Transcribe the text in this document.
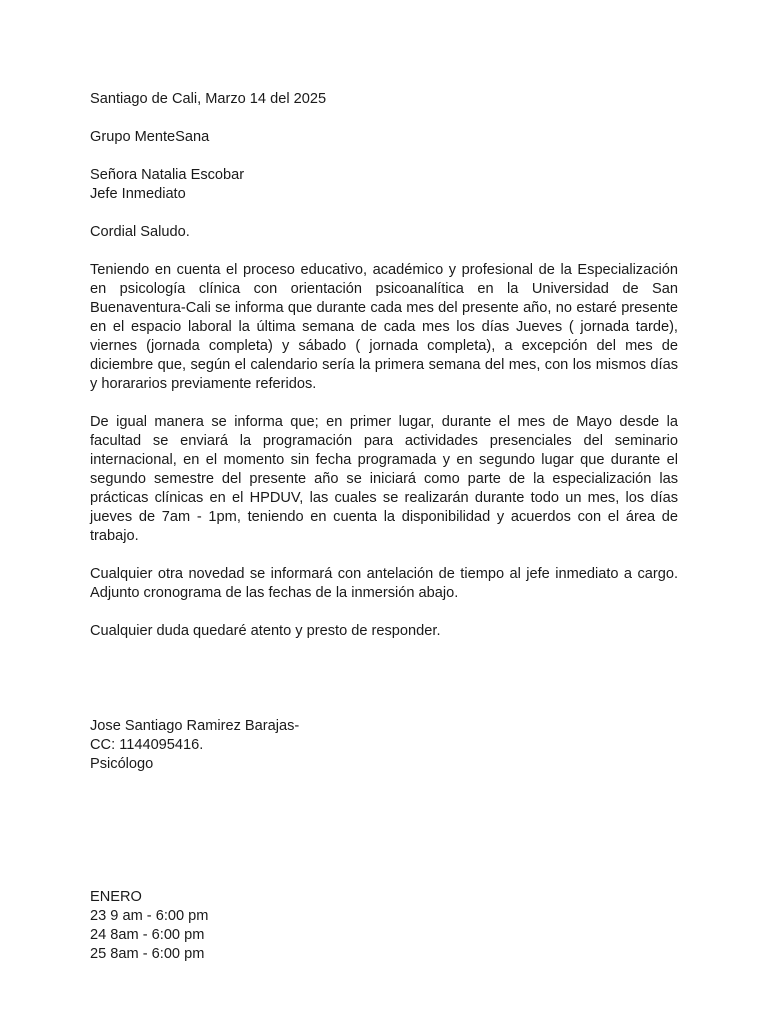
Santiago de Cali, Marzo 14 del 2025
Grupo MenteSana
Señora Natalia Escobar
Jefe Inmediato
Cordial Saludo.

Teniendo en cuenta el proceso educativo, académico y profesional de la Especialización en psicología clínica con orientación psicoanalítica en la Universidad de San Buenaventura-Cali se informa que durante cada mes del presente año, no estaré presente en el espacio laboral la última semana de cada mes los días Jueves ( jornada tarde), viernes (jornada completa) y sábado ( jornada completa), a excepción del mes de diciembre que, según el calendario sería la primera semana del mes, con los mismos días y horararios previamente referidos.

De igual manera se informa que; en primer lugar, durante el mes de Mayo desde la facultad se enviará la programación para actividades presenciales del seminario internacional, en el momento sin fecha programada y en segundo lugar que durante el segundo semestre del presente año se iniciará como parte de la especialización las prácticas clínicas en el HPDUV, las cuales se realizarán durante todo un mes, los días jueves de 7am - 1pm, teniendo en cuenta la disponibilidad y acuerdos con el área de trabajo.

Cualquier otra novedad se informará con antelación de tiempo al jefe inmediato a cargo. Adjunto cronograma de las fechas de la inmersión abajo.

Cualquier duda quedaré atento y presto de responder.
Jose Santiago Ramirez Barajas-
CC: 1144095416.
Psicólogo
ENERO
23 9 am - 6:00 pm
24 8am - 6:00 pm
25 8am - 6:00 pm
